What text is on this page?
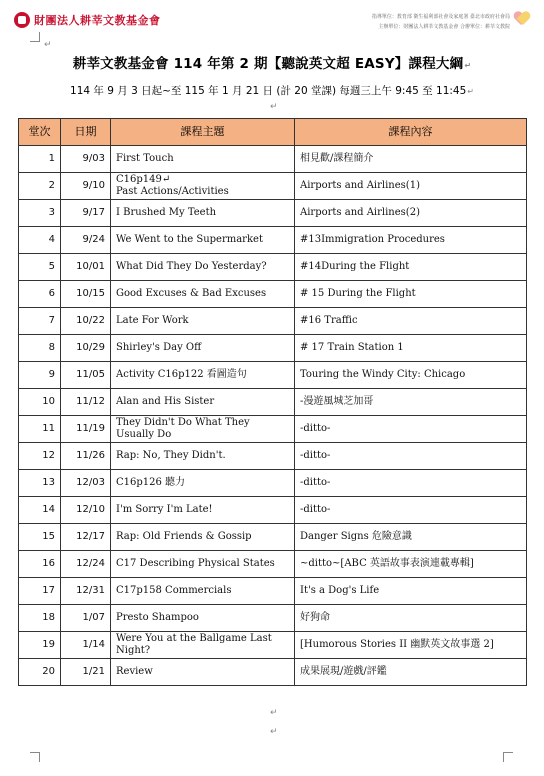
財團法人耕莘文教基金會	指導單位：教育部 衛生福利部社會及家庭署 臺北市政府社會局
主辦單位：財團法人耕莘文教基金會 合辦單位：耕莘文教院
↵
耕莘文教基金會 114 年第 2 期【聽說英文超 EASY】課程大綱↵
114 年 9 月 3 日起~至 115 年 1 月 21 日 (計 20 堂課) 每週三上午 9:45 至 11:45↵
↵
堂次	日期	課程主題	課程內容
1	9/03	First Touch	相見歡/課程簡介
2	9/10	C16p149↵
Past Actions/Activities	Airports and Airlines(1)
3	9/17	I Brushed My Teeth	Airports and Airlines(2)
4	9/24	We Went to the Supermarket	#13Immigration Procedures
5	10/01	What Did They Do Yesterday?	#14During the Flight
6	10/15	Good Excuses & Bad Excuses	# 15 During the Flight
7	10/22	Late For Work	#16 Traffic
8	10/29	Shirley's Day Off	# 17 Train Station 1
9	11/05	Activity C16p122 看圖造句	Touring the Windy City: Chicago
10	11/12	Alan and His Sister	-漫遊風城芝加哥
11	11/19	They Didn't Do What They Usually Do	-ditto-
12	11/26	Rap: No, They Didn't.	-ditto-
13	12/03	C16p126 聽力	-ditto-
14	12/10	I'm Sorry I'm Late!	-ditto-
15	12/17	Rap: Old Friends & Gossip	Danger Signs 危險意識
16	12/24	C17 Describing Physical States	~ditto~[ABC 英語故事表演連載專輯]
17	12/31	C17p158 Commercials	It's a Dog's Life
18	1/07	Presto Shampoo	好狗命
19	1/14	Were You at the Ballgame Last Night?	[Humorous Stories II 幽默英文故事選 2]
20	1/21	Review	成果展現/遊戲/評鑑
↵
↵
